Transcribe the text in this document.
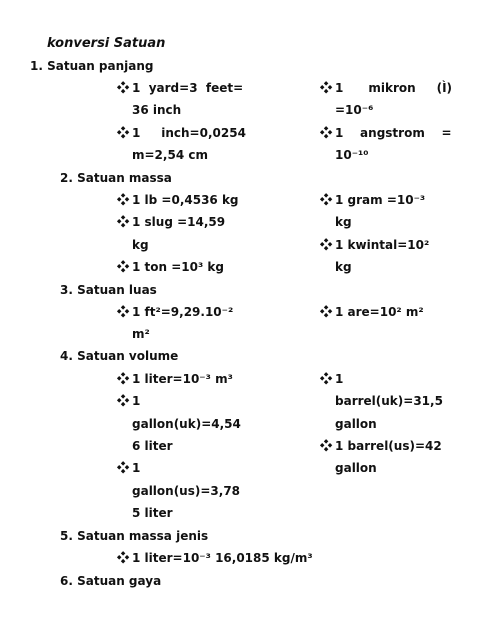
konversi Satuan
1. Satuan panjang
1  yard=3  feet=
36 inch
1     inch=0,0254
m=2,54 cm
1      mikron     (Ì)
=10⁻⁶
1    angstrom    =
10⁻¹⁰
2. Satuan massa
1 lb =0,4536 kg
1 slug =14,59
kg
1 ton =10³ kg
1 gram =10⁻³
kg
1 kwintal=10²
kg
3. Satuan luas
1 ft²=9,29.10⁻²
m²
1 are=10² m²
4. Satuan volume
1 liter=10⁻³ m³
1
gallon(uk)=4,54
6 liter
1
gallon(us)=3,78
5 liter
1
barrel(uk)=31,5
gallon
1 barrel(us)=42
gallon
5. Satuan massa jenis
1 liter=10⁻³ 16,0185 kg/m³
6. Satuan gaya
